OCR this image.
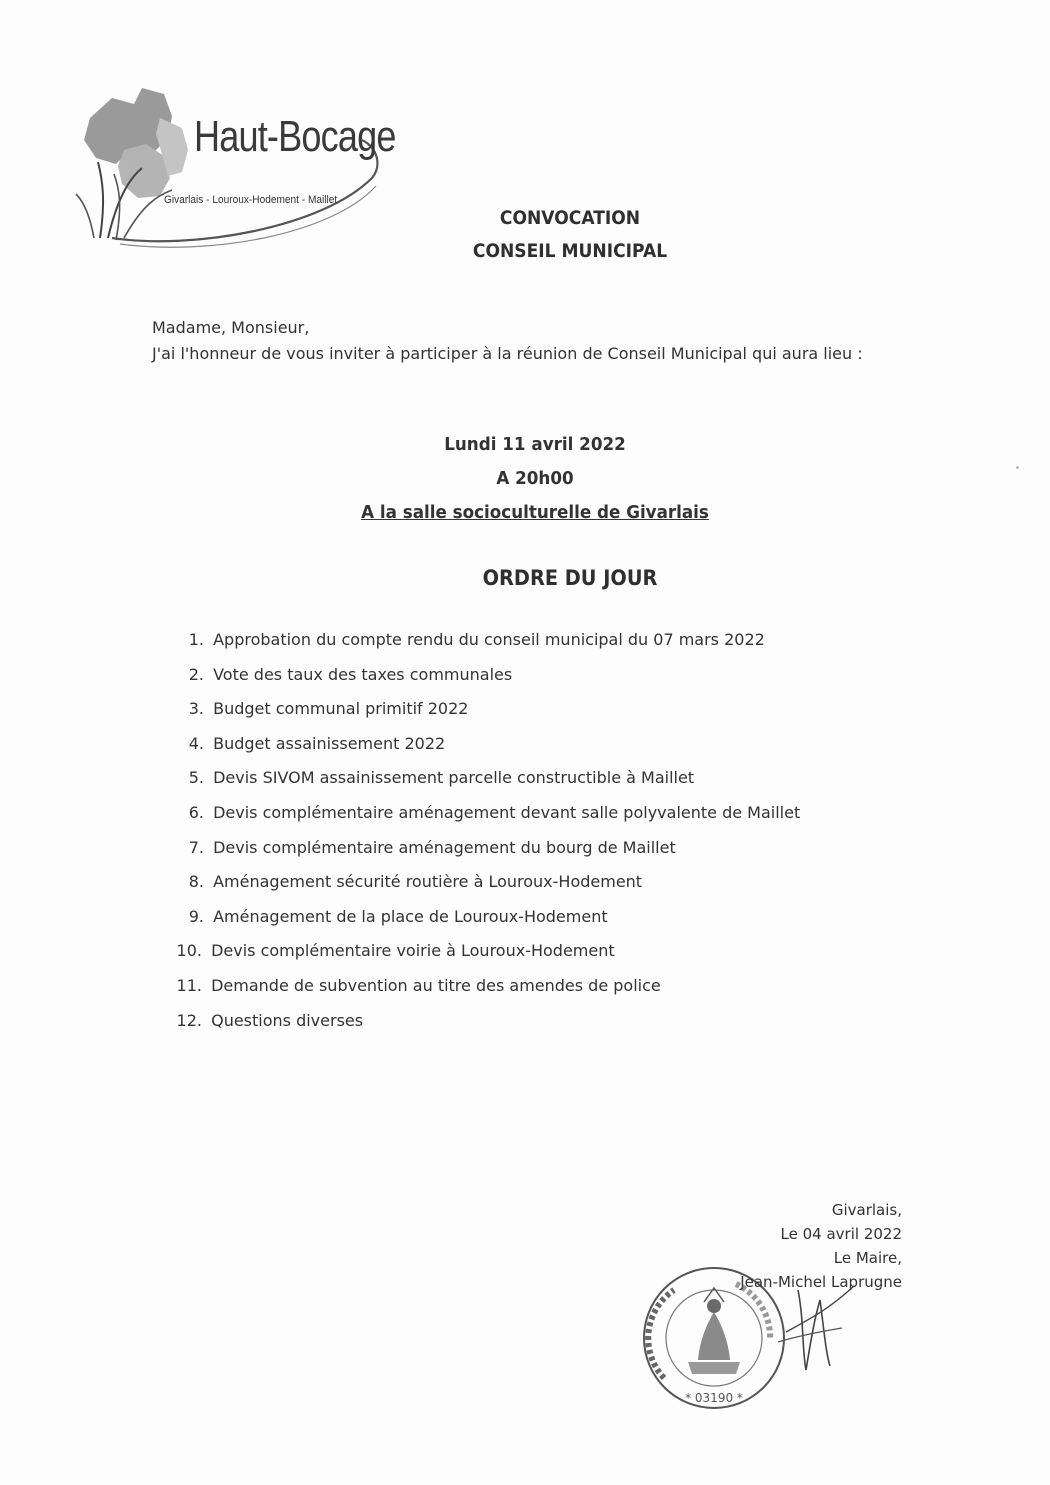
Haut-Bocage
Givarlais - Louroux-Hodement - Maillet
CONVOCATION
CONSEIL MUNICIPAL
Madame, Monsieur,
J'ai l'honneur de vous inviter à participer à la réunion de Conseil Municipal qui aura lieu :
Lundi 11 avril 2022
A 20h00
A la salle socioculturelle de Givarlais
ORDRE DU JOUR
1. Approbation du compte rendu du conseil municipal du 07 mars 2022
2. Vote des taux des taxes communales
3. Budget communal primitif 2022
4. Budget assainissement 2022
5. Devis SIVOM assainissement parcelle constructible à Maillet
6. Devis complémentaire aménagement devant salle polyvalente de Maillet
7. Devis complémentaire aménagement du bourg de Maillet
8. Aménagement sécurité routière à Louroux-Hodement
9. Aménagement de la place de Louroux-Hodement
10. Devis complémentaire voirie à Louroux-Hodement
11. Demande de subvention au titre des amendes de police
12. Questions diverses
* 03190 *
Givarlais,
Le 04 avril 2022
Le Maire,
Jean-Michel Laprugne
